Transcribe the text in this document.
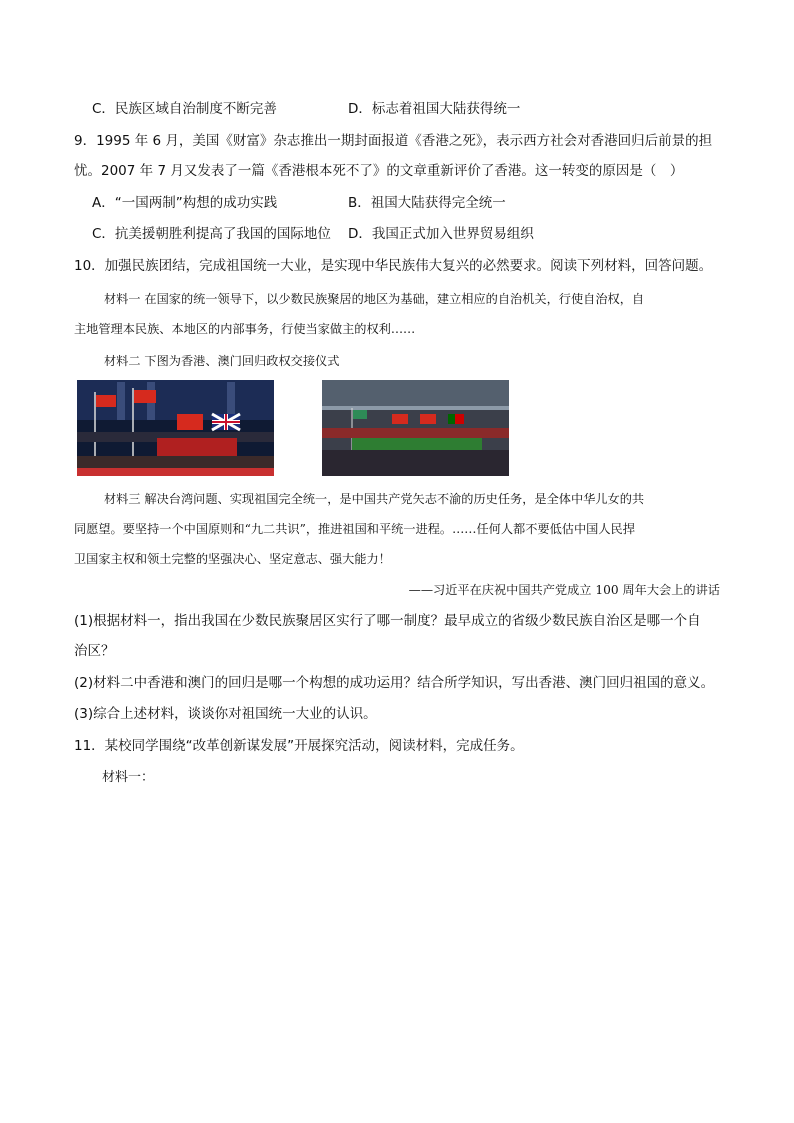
C．民族区域自治制度不断完善	D．标志着祖国大陆获得统一
9．1995 年 6 月，美国《财富》杂志推出一期封面报道《香港之死》，表示西方社会对香港回归后前景的担
忧。2007 年 7 月又发表了一篇《香港根本死不了》的文章重新评价了香港。这一转变的原因是（　）
A．“一国两制”构想的成功实践	B．祖国大陆获得完全统一
C．抗美援朝胜利提高了我国的国际地位 D．我国正式加入世界贸易组织
10．加强民族团结，完成祖国统一大业，是实现中华民族伟大复兴的必然要求。阅读下列材料，回答问题。
材料一 在国家的统一领导下，以少数民族聚居的地区为基础，建立相应的自治机关，行使自治权，自
主地管理本民族、本地区的内部事务，行使当家做主的权利……
材料二 下图为香港、澳门回归政权交接仪式
材料三 解决台湾问题、实现祖国完全统一，是中国共产党矢志不渝的历史任务，是全体中华儿女的共
同愿望。要坚持一个中国原则和“九二共识”，推进祖国和平统一进程。……任何人都不要低估中国人民捍
卫国家主权和领土完整的坚强决心、坚定意志、强大能力！
——习近平在庆祝中国共产党成立 100 周年大会上的讲话
(1)根据材料一，指出我国在少数民族聚居区实行了哪一制度？最早成立的省级少数民族自治区是哪一个自
治区？
(2)材料二中香港和澳门的回归是哪一个构想的成功运用？结合所学知识，写出香港、澳门回归祖国的意义。
(3)综合上述材料，谈谈你对祖国统一大业的认识。
11．某校同学围绕“改革创新谋发展”开展探究活动，阅读材料，完成任务。
材料一：
